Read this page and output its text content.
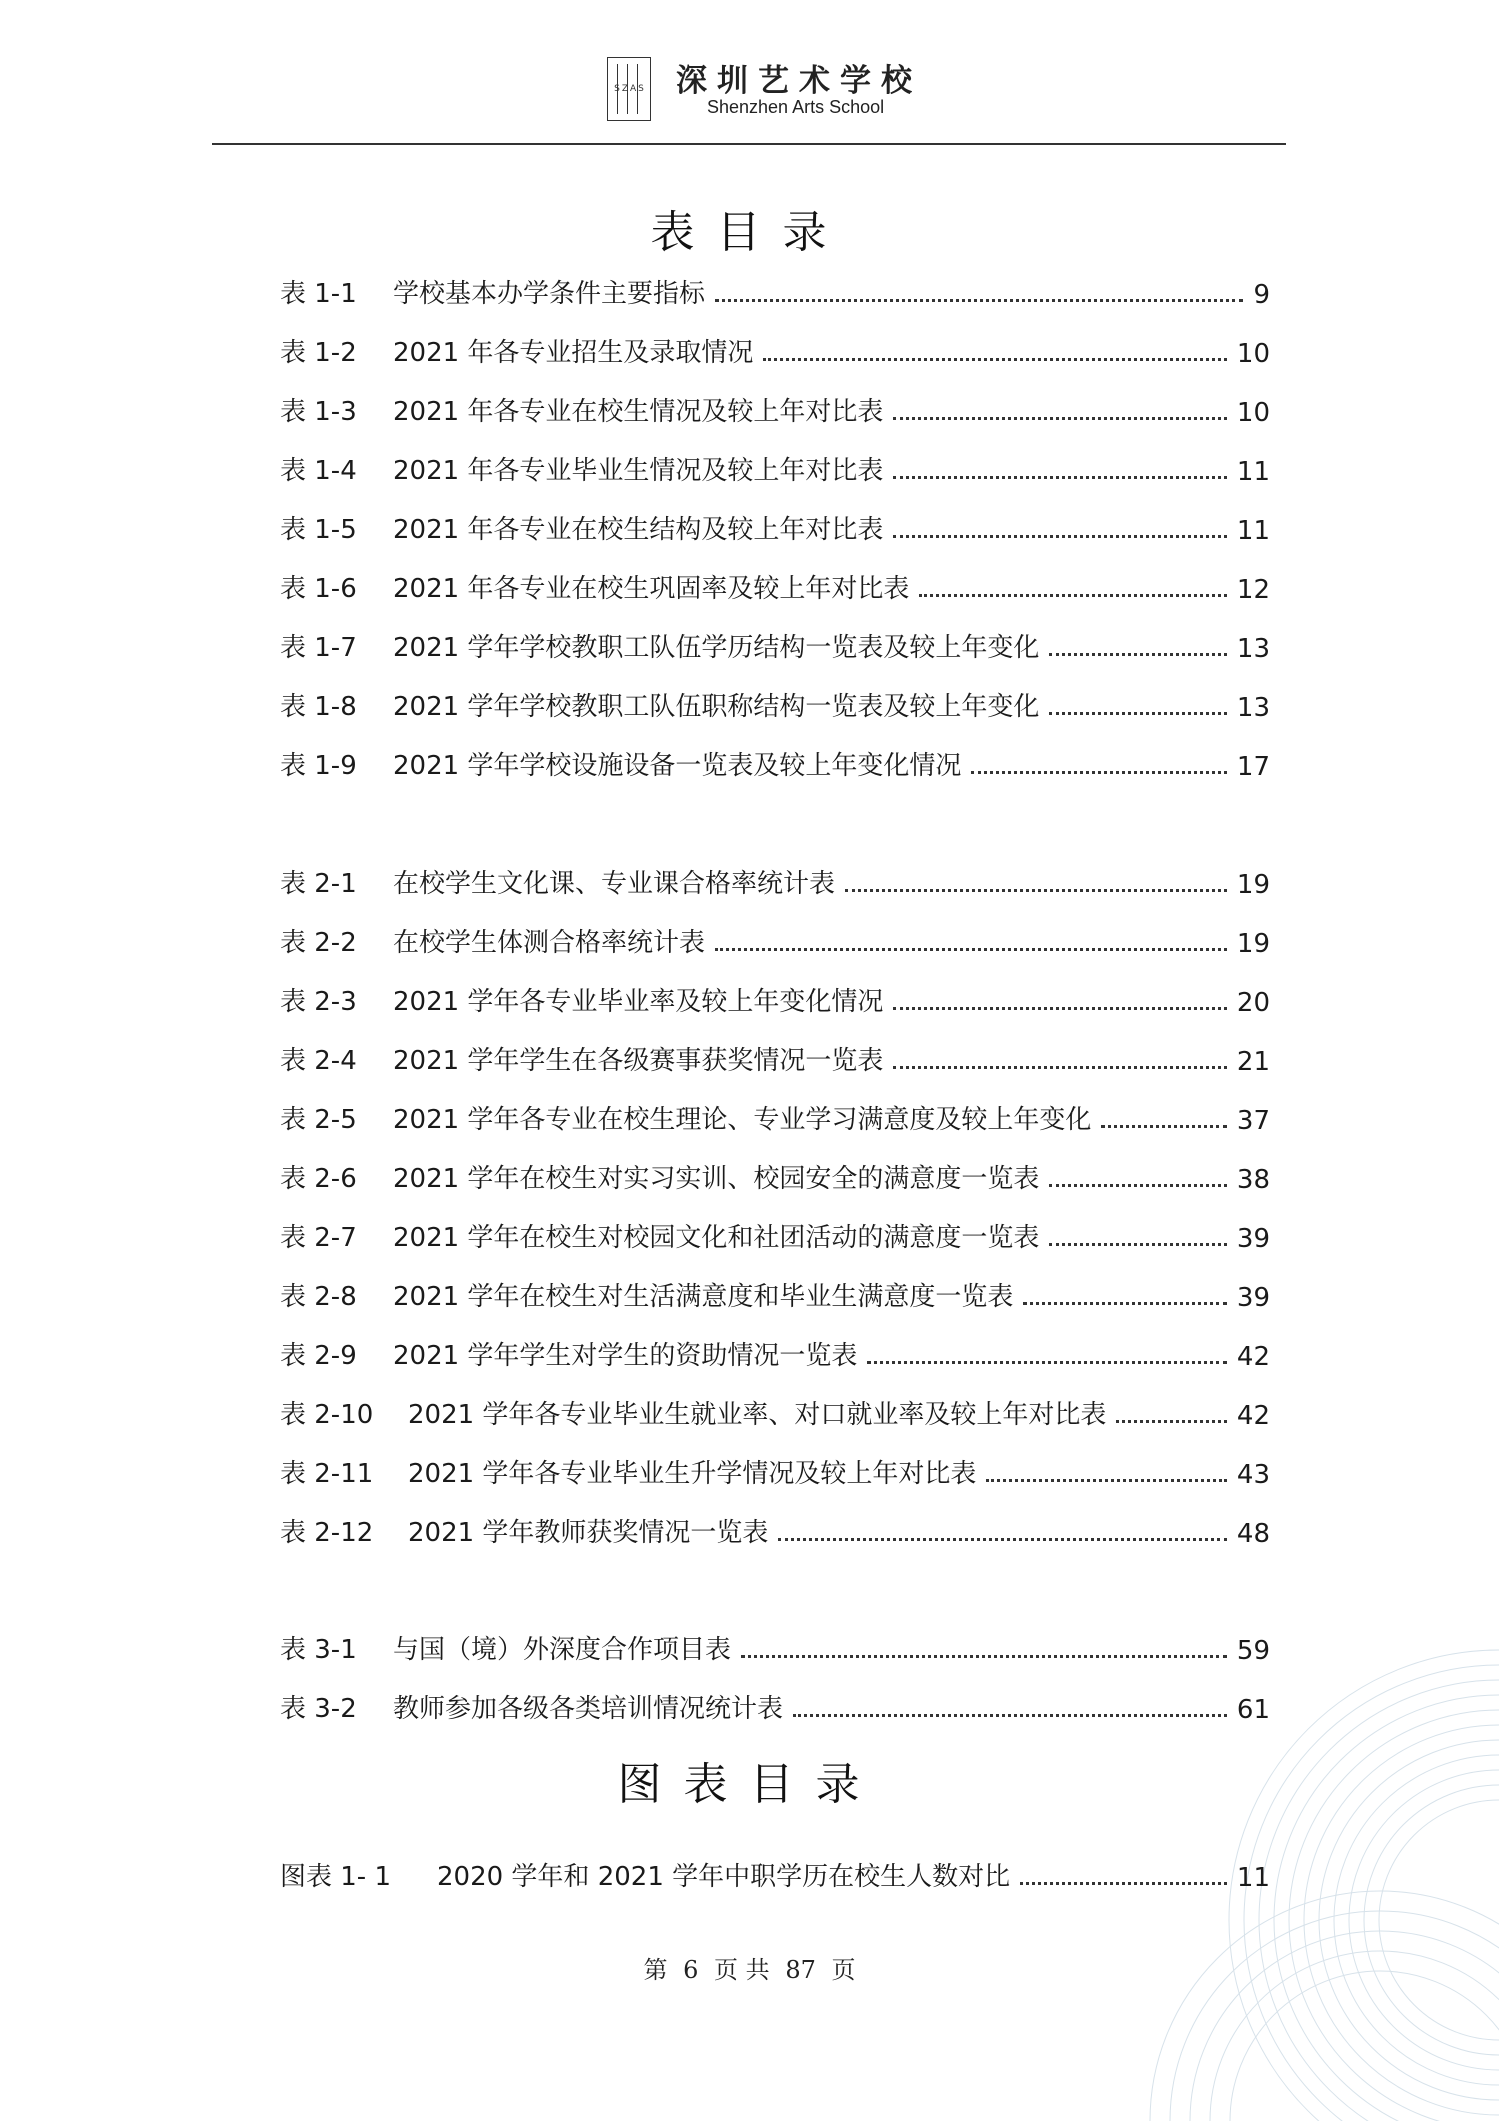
SZAS 深圳艺术学校
Shenzhen Arts School
表目录
表 1-1	学校基本办学条件主要指标	9
表 1-2	2021 年各专业招生及录取情况	10
表 1-3	2021 年各专业在校生情况及较上年对比表	10
表 1-4	2021 年各专业毕业生情况及较上年对比表	11
表 1-5	2021 年各专业在校生结构及较上年对比表	11
表 1-6	2021 年各专业在校生巩固率及较上年对比表	12
表 1-7	2021 学年学校教职工队伍学历结构一览表及较上年变化	13
表 1-8	2021 学年学校教职工队伍职称结构一览表及较上年变化	13
表 1-9	2021 学年学校设施设备一览表及较上年变化情况	17
表 2-1	在校学生文化课、专业课合格率统计表	19
表 2-2	在校学生体测合格率统计表	19
表 2-3	2021 学年各专业毕业率及较上年变化情况	20
表 2-4	2021 学年学生在各级赛事获奖情况一览表	21
表 2-5	2021 学年各专业在校生理论、专业学习满意度及较上年变化	37
表 2-6	2021 学年在校生对实习实训、校园安全的满意度一览表	38
表 2-7	2021 学年在校生对校园文化和社团活动的满意度一览表	39
表 2-8	2021 学年在校生对生活满意度和毕业生满意度一览表	39
表 2-9	2021 学年学生对学生的资助情况一览表	42
表 2-10	2021 学年各专业毕业生就业率、对口就业率及较上年对比表	42
表 2-11	2021 学年各专业毕业生升学情况及较上年对比表	43
表 2-12	2021 学年教师获奖情况一览表	48
表 3-1	与国（境）外深度合作项目表	59
表 3-2	教师参加各级各类培训情况统计表	61
图表目录
图表 1- 1	2020 学年和 2021 学年中职学历在校生人数对比	11
第 6 页 共 87 页
